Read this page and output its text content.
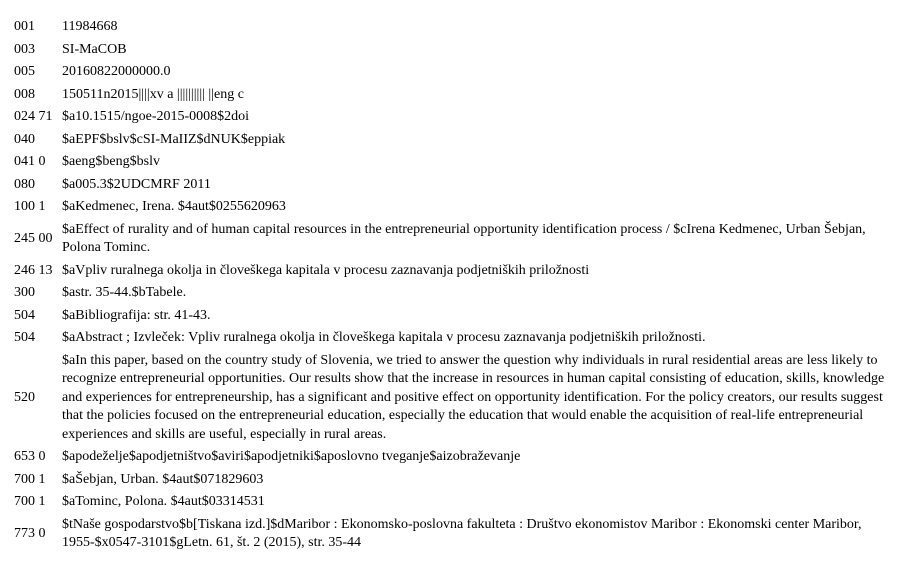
001	11984668
003	SI-MaCOB
005	20160822000000.0
008	150511n2015||||xv a |||||||||| ||eng c
024 71	$a10.1515/ngoe-2015-0008$2doi
040	$aEPF$bslv$cSI-MaIIZ$dNUK$eppiak
041 0	$aeng$beng$bslv
080	$a005.3$2UDCMRF 2011
100 1	$aKedmenec, Irena. $4aut$0255620963
245 00	$aEffect of rurality and of human capital resources in the entrepreneurial opportunity identification process / $cIrena Kedmenec, Urban Šebjan, Polona Tominc.
246 13	$aVpliv ruralnega okolja in človeškega kapitala v procesu zaznavanja podjetniških priložnosti
300	$astr. 35-44.$bTabele.
504	$aBibliografija: str. 41-43.
504	$aAbstract ; Izvleček: Vpliv ruralnega okolja in človeškega kapitala v procesu zaznavanja podjetniških priložnosti.
520	$aIn this paper, based on the country study of Slovenia, we tried to answer the question why individuals in rural residential areas are less likely to recognize entrepreneurial opportunities. Our results show that the increase in resources in human capital consisting of education, skills, knowledge and experiences for entrepreneurship, has a significant and positive effect on opportunity identification. For the policy creators, our results suggest that the policies focused on the entrepreneurial education, especially the education that would enable the acquisition of real-life entrepreneurial experiences and skills are useful, especially in rural areas.
653 0	$apodeželje$apodjetništvo$aviri$apodjetniki$aposlovno tveganje$aizobraževanje
700 1	$aŠebjan, Urban. $4aut$071829603
700 1	$aTominc, Polona. $4aut$03314531
773 0	$tNaše gospodarstvo$b[Tiskana izd.]$dMaribor : Ekonomsko-poslovna fakulteta : Društvo ekonomistov Maribor : Ekonomski center Maribor, 1955-$x0547-3101$gLetn. 61, št. 2 (2015), str. 35-44
